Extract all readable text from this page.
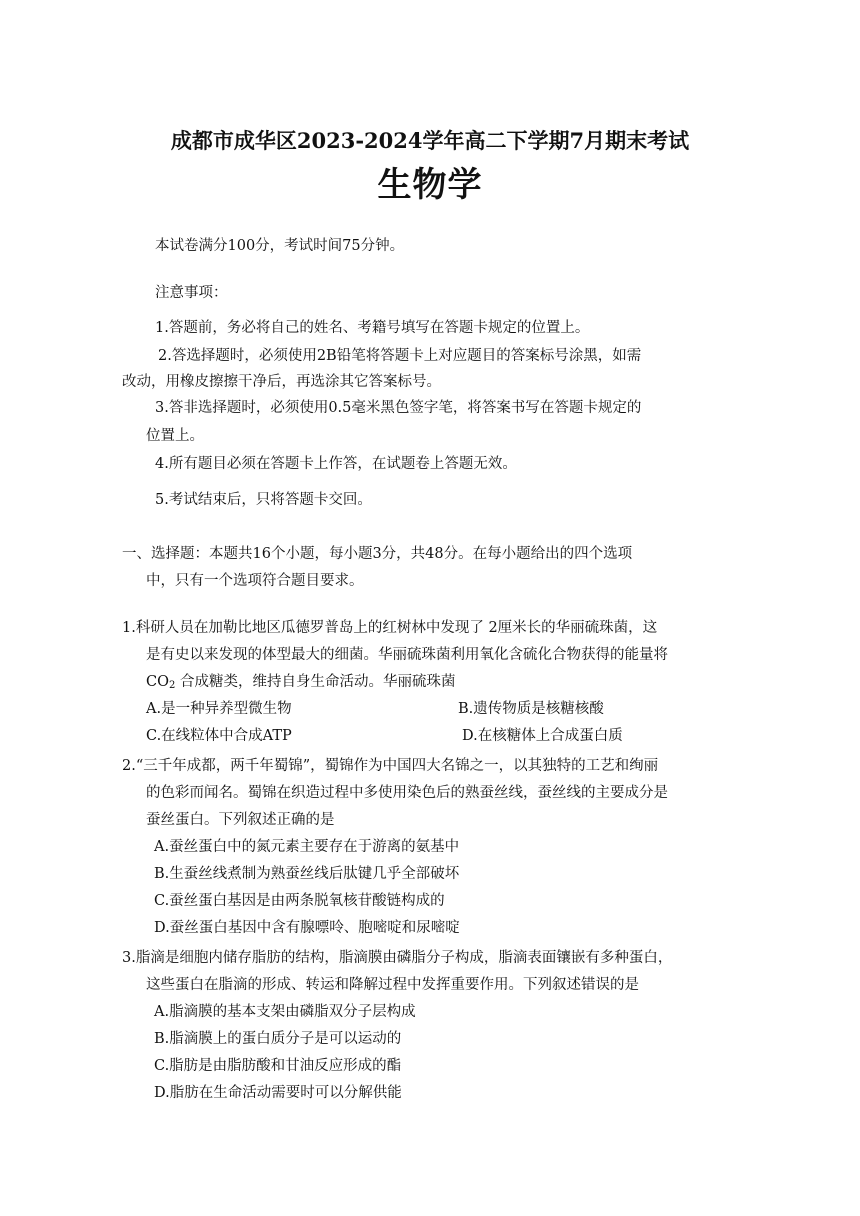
成都市成华区2023-2024学年高二下学期7月期末考试
生物学
本试卷满分100分，考试时间75分钟。
注意事项：
1.答题前，务必将自己的姓名、考籍号填写在答题卡规定的位置上。
2.答选择题时，必须使用2B铅笔将答题卡上对应题目的答案标号涂黑，如需
改动，用橡皮擦擦干净后，再选涂其它答案标号。
3.答非选择题时，必须使用0.5毫米黑色签字笔，将答案书写在答题卡规定的
位置上。
4.所有题目必须在答题卡上作答，在试题卷上答题无效。
5.考试结束后，只将答题卡交回。
一、选择题：本题共16个小题，每小题3分，共48分。在每小题给出的四个选项
中，只有一个选项符合题目要求。
1.科研人员在加勒比地区瓜德罗普岛上的红树林中发现了 2厘米长的华丽硫珠菌，这
是有史以来发现的体型最大的细菌。华丽硫珠菌利用氧化含硫化合物获得的能量将
$CO_2$ 合成糖类，维持自身生命活动。华丽硫珠菌
A.是一种异养型微生物	B.遗传物质是核糖核酸
C.在线粒体中合成ATP	D.在核糖体上合成蛋白质
2.“三千年成都，两千年蜀锦”，蜀锦作为中国四大名锦之一，以其独特的工艺和绚丽
的色彩而闻名。蜀锦在织造过程中多使用染色后的熟蚕丝线，蚕丝线的主要成分是
蚕丝蛋白。下列叙述正确的是
A.蚕丝蛋白中的氮元素主要存在于游离的氨基中
B.生蚕丝线煮制为熟蚕丝线后肽键几乎全部破坏
C.蚕丝蛋白基因是由两条脱氧核苷酸链构成的
D.蚕丝蛋白基因中含有腺嘌呤、胞嘧啶和尿嘧啶
3.脂滴是细胞内储存脂肪的结构，脂滴膜由磷脂分子构成，脂滴表面镶嵌有多种蛋白，
这些蛋白在脂滴的形成、转运和降解过程中发挥重要作用。下列叙述错误的是
A.脂滴膜的基本支架由磷脂双分子层构成
B.脂滴膜上的蛋白质分子是可以运动的
C.脂肪是由脂肪酸和甘油反应形成的酯
D.脂肪在生命活动需要时可以分解供能
